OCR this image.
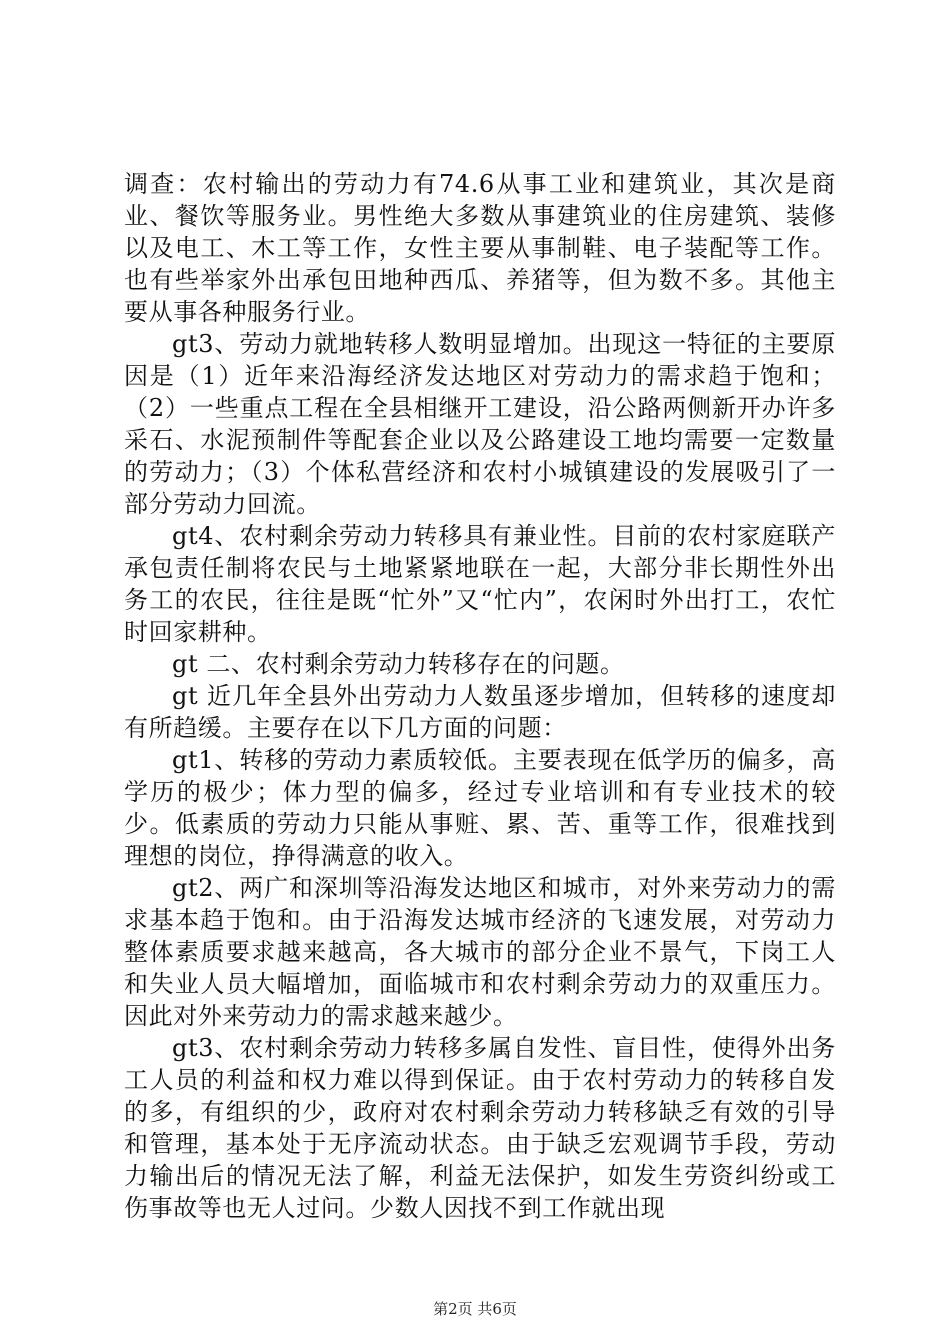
调查：农村输出的劳动力有74.6从事工业和建筑业，其次是商业、餐饮等服务业。男性绝大多数从事建筑业的住房建筑、装修以及电工、木工等工作，女性主要从事制鞋、电子装配等工作。也有些举家外出承包田地种西瓜、养猪等，但为数不多。其他主要从事各种服务行业。

gt3、劳动力就地转移人数明显增加。出现这一特征的主要原因是（1）近年来沿海经济发达地区对劳动力的需求趋于饱和；（2）一些重点工程在全县相继开工建设，沿公路两侧新开办许多采石、水泥预制件等配套企业以及公路建设工地均需要一定数量的劳动力；（3）个体私营经济和农村小城镇建设的发展吸引了一部分劳动力回流。

gt4、农村剩余劳动力转移具有兼业性。目前的农村家庭联产承包责任制将农民与土地紧紧地联在一起，大部分非长期性外出务工的农民，往往是既“忙外”又“忙内”，农闲时外出打工，农忙时回家耕种。

gt 二、农村剩余劳动力转移存在的问题。

gt 近几年全县外出劳动力人数虽逐步增加，但转移的速度却有所趋缓。主要存在以下几方面的问题：

gt1、转移的劳动力素质较低。主要表现在低学历的偏多，高学历的极少；体力型的偏多，经过专业培训和有专业技术的较少。低素质的劳动力只能从事赃、累、苦、重等工作，很难找到理想的岗位，挣得满意的收入。

gt2、两广和深圳等沿海发达地区和城市，对外来劳动力的需求基本趋于饱和。由于沿海发达城市经济的飞速发展，对劳动力整体素质要求越来越高，各大城市的部分企业不景气，下岗工人和失业人员大幅增加，面临城市和农村剩余劳动力的双重压力。因此对外来劳动力的需求越来越少。

gt3、农村剩余劳动力转移多属自发性、盲目性，使得外出务工人员的利益和权力难以得到保证。由于农村劳动力的转移自发的多，有组织的少，政府对农村剩余劳动力转移缺乏有效的引导和管理，基本处于无序流动状态。由于缺乏宏观调节手段，劳动力输出后的情况无法了解，利益无法保护，如发生劳资纠纷或工伤事故等也无人过问。少数人因找不到工作就出现

第2页 共6页
